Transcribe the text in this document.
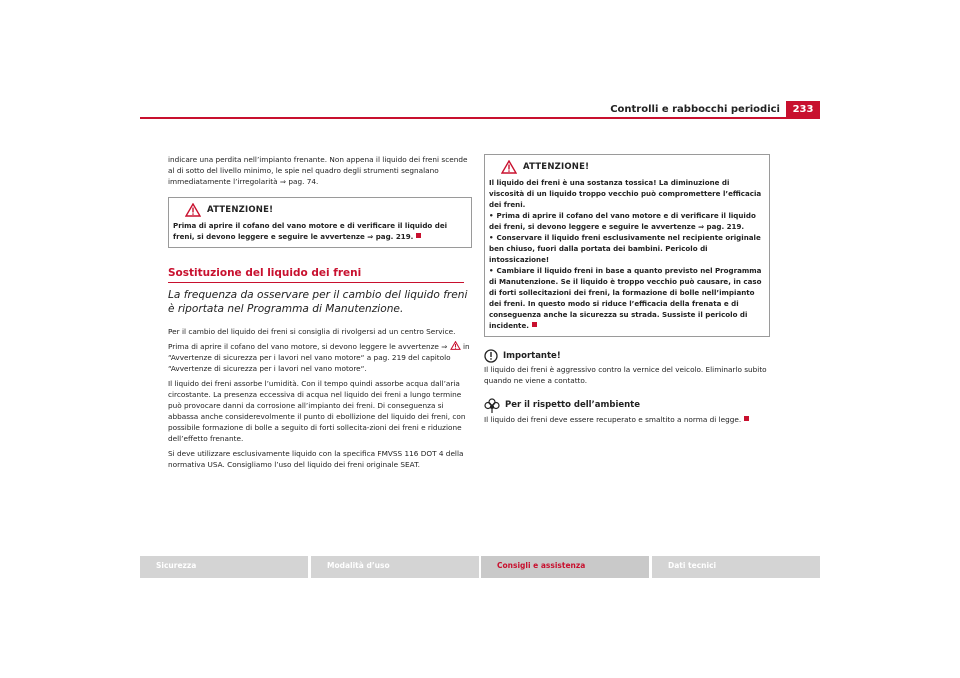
Controlli e rabbocchi periodici	233

indicare una perdita nell’impianto frenante. Non appena il liquido dei freni scende al di sotto del livello minimo, le spie nel quadro degli strumenti segnalano immediatamente l’irregolarità ⇒ pag. 74.

ATTENZIONE!
Prima di aprire il cofano del vano motore e di verificare il liquido dei freni, si devono leggere e seguire le avvertenze ⇒ pag. 219.
Sostituzione del liquido dei freni
La frequenza da osservare per il cambio del liquido freni è riportata nel Programma di Manutenzione.

Per il cambio del liquido dei freni si consiglia di rivolgersi ad un centro Service.

Prima di aprire il cofano del vano motore, si devono leggere le avvertenze ⇒ in “Avvertenze di sicurezza per i lavori nel vano motore“ a pag. 219 del capitolo “Avvertenze di sicurezza per i lavori nel vano motore“.

Il liquido dei freni assorbe l’umidità. Con il tempo quindi assorbe acqua dall’aria circostante. La presenza eccessiva di acqua nel liquido dei freni a lungo termine può provocare danni da corrosione all’impianto dei freni. Di conseguenza si abbassa anche considerevolmente il punto di ebollizione del liquido dei freni, con possibile formazione di bolle a seguito di forti sollecita-zioni dei freni e riduzione dell’effetto frenante.

Si deve utilizzare esclusivamente liquido con la specifica FMVSS 116 DOT 4 della normativa USA. Consigliamo l’uso del liquido dei freni originale SEAT.

ATTENZIONE!
Il liquido dei freni è una sostanza tossica! La diminuzione di viscosità di un liquido troppo vecchio può compromettere l’efficacia dei freni.
• Prima di aprire il cofano del vano motore e di verificare il liquido dei freni, si devono leggere e seguire le avvertenze ⇒ pag. 219.
• Conservare il liquido freni esclusivamente nel recipiente originale ben chiuso, fuori dalla portata dei bambini. Pericolo di intossicazione!
• Cambiare il liquido freni in base a quanto previsto nel Programma di Manutenzione. Se il liquido è troppo vecchio può causare, in caso di forti sollecitazioni dei freni, la formazione di bolle nell’impianto dei freni. In questo modo si riduce l’efficacia della frenata e di conseguenza anche la sicurezza su strada. Sussiste il pericolo di incidente.
Importante!

Il liquido dei freni è aggressivo contro la vernice del veicolo. Eliminarlo subito quando ne viene a contatto.

Per il rispetto dell’ambiente

Il liquido dei freni deve essere recuperato e smaltito a norma di legge.

Sicurezza	Modalità d’uso	Consigli e assistenza	Dati tecnici
